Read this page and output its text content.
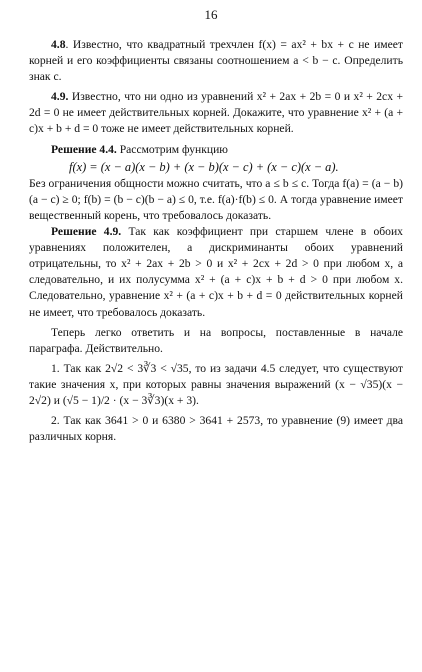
16

4.8. Известно, что квадратный трехчлен f(x) = ax² + bx + c не имеет корней и его коэффициенты связаны соотношением a < b − c. Определить знак c.

4.9. Известно, что ни одно из уравнений x² + 2ax + 2b = 0 и x² + 2cx + 2d = 0 не имеет действительных корней. Докажите, что уравнение x² + (a + c)x + b + d = 0 тоже не имеет действительных корней.

Решение 4.4. Рассмотрим функцию

f(x) = (x − a)(x − b) + (x − b)(x − c) + (x − c)(x − a).

Без ограничения общности можно считать, что a ≤ b ≤ c. Тогда f(a) = (a − b)(a − c) ≥ 0; f(b) = (b − c)(b − a) ≤ 0, т.е. f(a)·f(b) ≤ 0. А тогда уравнение имеет вещественный корень, что требовалось доказать.

Решение 4.9. Так как коэффициент при старшем члене в обоих уравнениях положителен, а дискриминанты обоих уравнений отрицательны, то x² + 2ax + 2b > 0 и x² + 2cx + 2d > 0 при любом x, а следовательно, и их полусумма x² + (a + c)x + b + d > 0 при любом x. Следовательно, уравнение x² + (a + c)x + b + d = 0 действительных корней не имеет, что требовалось доказать.

Теперь легко ответить и на вопросы, поставленные в начале параграфа. Действительно.

1. Так как 2√2 < 3∛3 < √35, то из задачи 4.5 следует, что существуют такие значения x, при которых равны значения выражений (x − √35)(x − 2√2) и (√5 − 1)/2 · (x − 3∛3)(x + 3).

2. Так как 3641 > 0 и 6380 > 3641 + 2573, то уравнение (9) имеет два различных корня.
